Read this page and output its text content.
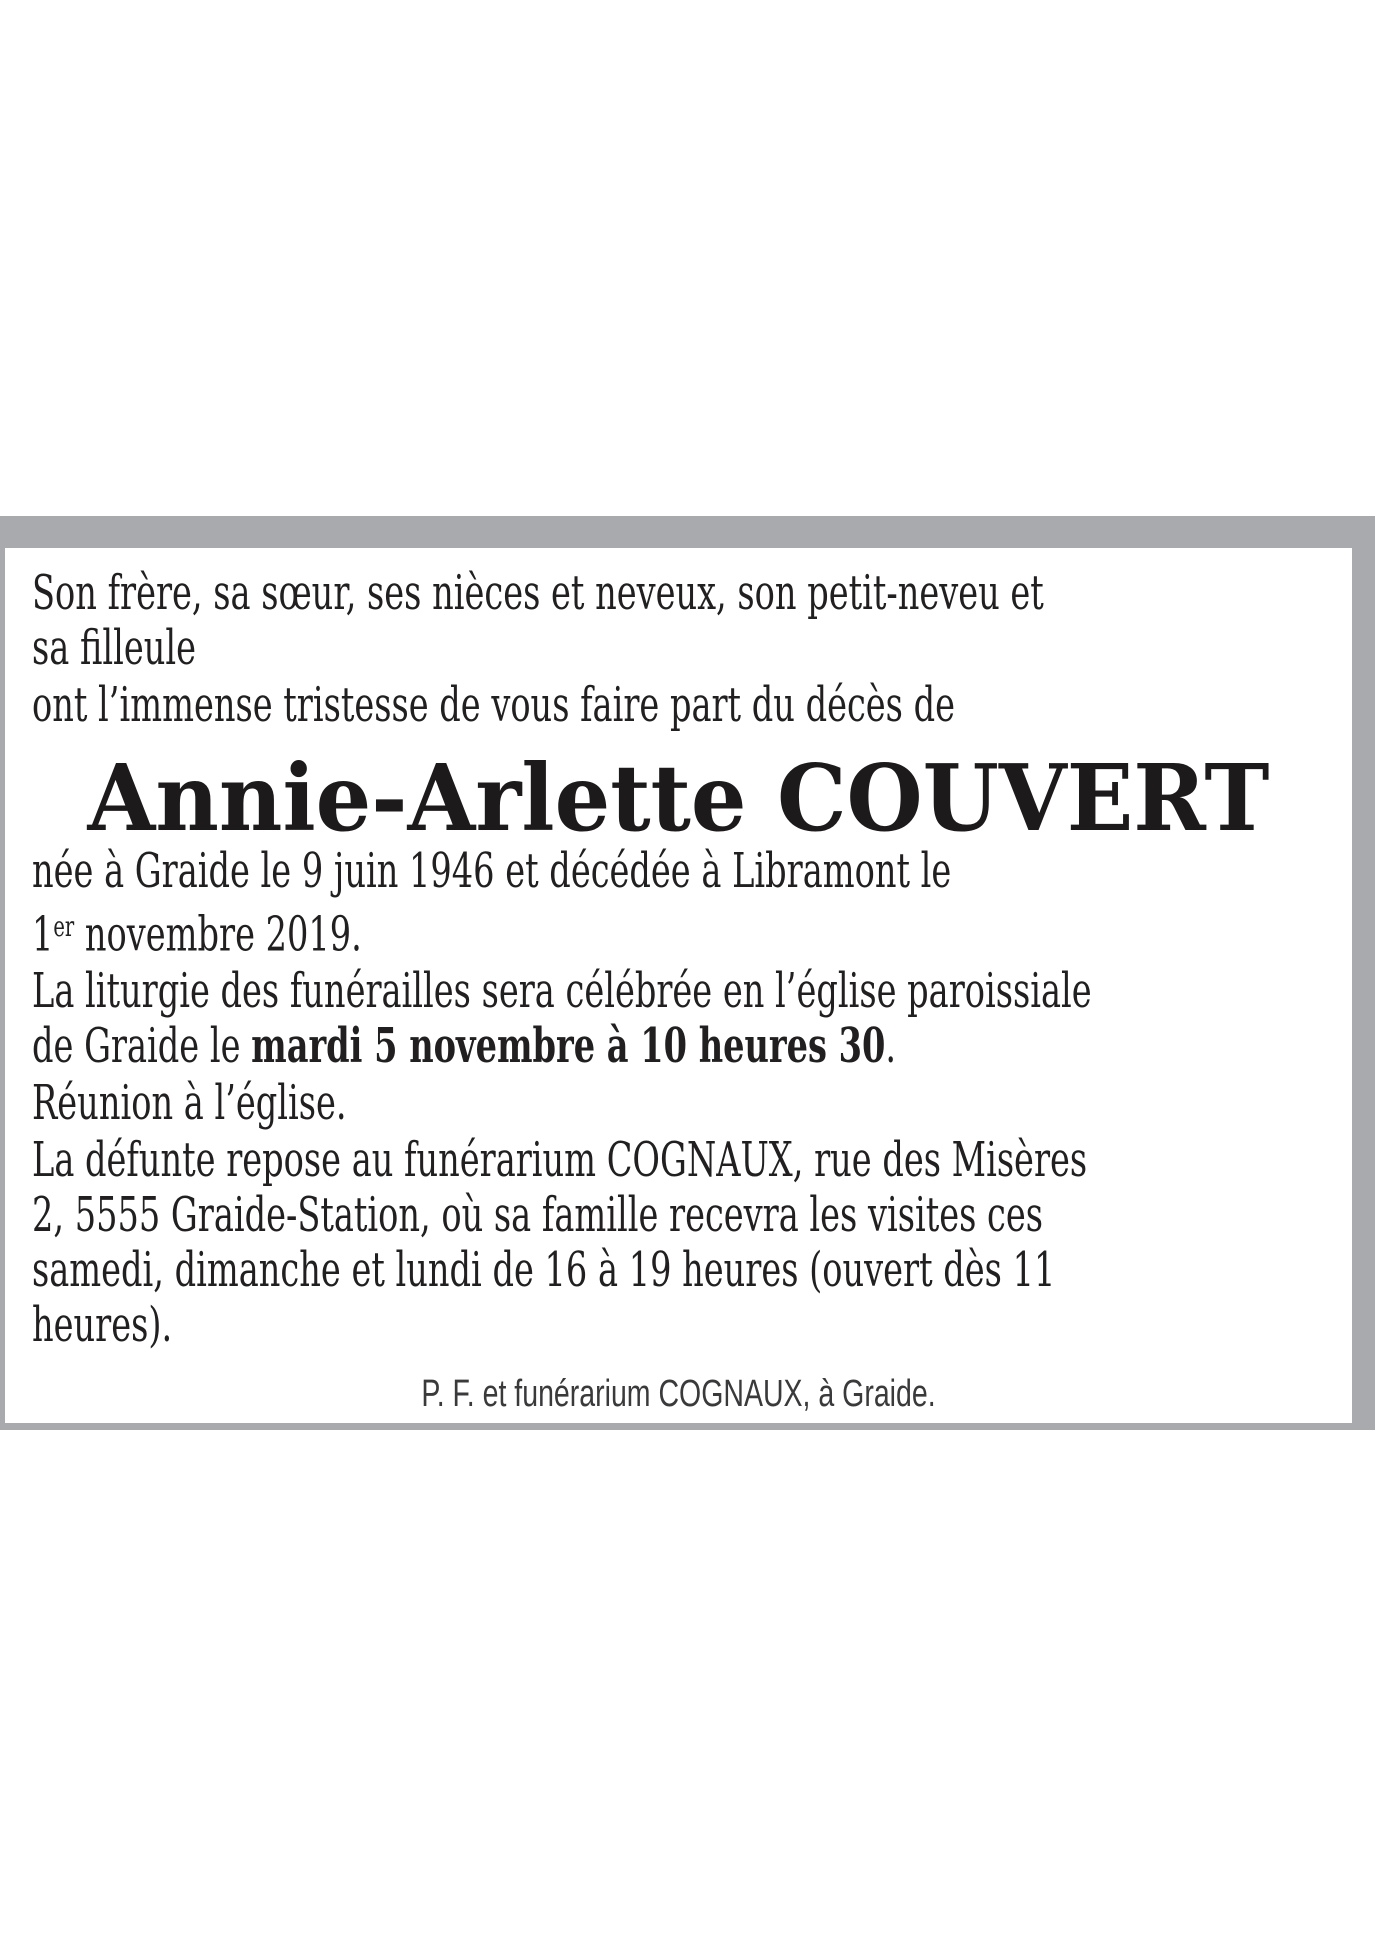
Son frère, sa sœur, ses nièces et neveux, son petit-neveu et
sa filleule

ont l’immense tristesse de vous faire part du décès de

Annie-Arlette COUVERT

née à Graide le 9 juin 1946 et décédée à Libramont le
1er novembre 2019.

La liturgie des funérailles sera célébrée en l’église paroissiale
de Graide le mardi 5 novembre à 10 heures 30.

Réunion à l’église.

La défunte repose au funérarium COGNAUX, rue des Misères
2, 5555 Graide-Station, où sa famille recevra les visites ces
samedi, dimanche et lundi de 16 à 19 heures (ouvert dès 11
heures).

P. F. et funérarium COGNAUX, à Graide.
